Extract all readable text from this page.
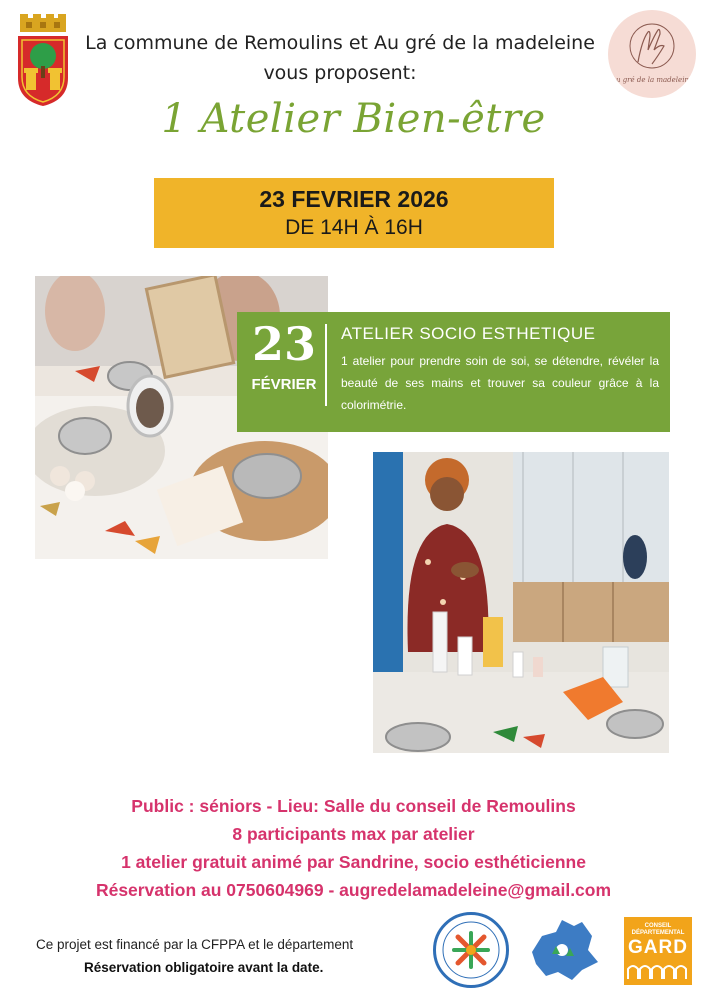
La commune de Remoulins et Au gré de la madeleine
vous proposent:	Au gré de la madeleine
1 Atelier Bien-être
23 FEVRIER 2026
DE 14H À 16H
23
FÉVRIER
ATELIER SOCIO ESTHETIQUE
1 atelier pour prendre soin de soi, se détendre, révéler la beauté de ses mains et trouver sa couleur grâce à la colorimétrie.
Public : séniors - Lieu: Salle du conseil de Remoulins
8 participants max par atelier
1 atelier gratuit animé par Sandrine, socio esthéticienne
Réservation au 0750604969 - augredelamadeleine@gmail.com
Ce projet est financé par la CFPPA et le département
Réservation obligatoire avant la date.
CONSEIL DÉPARTEMENTAL
GARD
